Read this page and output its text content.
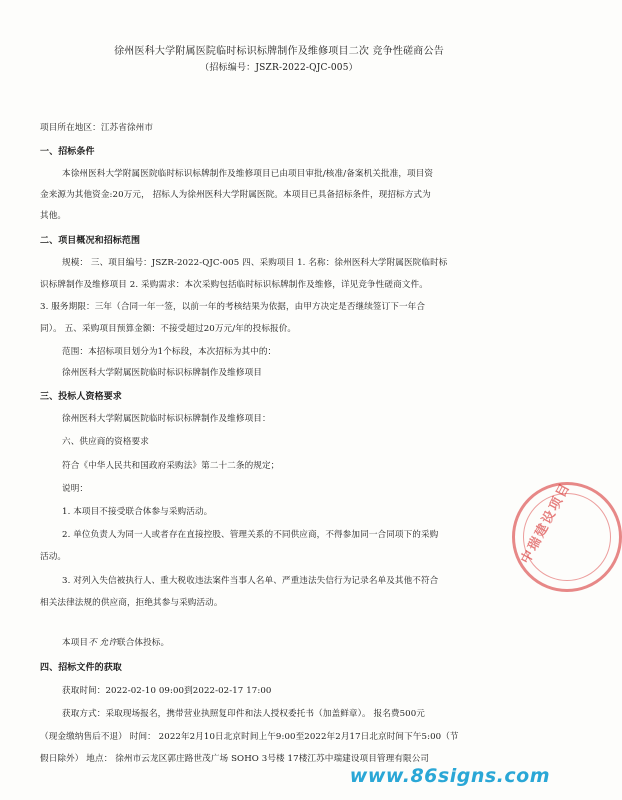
徐州医科大学附属医院临时标识标牌制作及维修项目二次 竞争性磋商公告
（招标编号：JSZR-2022-QJC-005）
项目所在地区：江苏省徐州市
一、招标条件
本徐州医科大学附属医院临时标识标牌制作及维修项目已由项目审批/核准/备案机关批准，项目资
金来源为其他资金:20万元， 招标人为徐州医科大学附属医院。本项目已具备招标条件，现招标方式为
其他。
二、项目概况和招标范围
规模： 三、项目编号：JSZR-2022-QJC-005 四、采购项目 1. 名称：徐州医科大学附属医院临时标
识标牌制作及维修项目 2. 采购需求：本次采购包括临时标识标牌制作及维修，详见竞争性磋商文件。
3. 服务期限：三年（合同一年一签，以前一年的考核结果为依据，由甲方决定是否继续签订下一年合
同）。 五、采购项目预算金额：不接受超过20万元/年的投标报价。
范围：本招标项目划分为1个标段，本次招标为其中的：
徐州医科大学附属医院临时标识标牌制作及维修项目
三、投标人资格要求
徐州医科大学附属医院临时标识标牌制作及维修项目：
六、供应商的资格要求
符合《中华人民共和国政府采购法》第二十二条的规定；
说明：
1. 本项目不接受联合体参与采购活动。
2. 单位负责人为同一人或者存在直接控股、管理关系的不同供应商，不得参加同一合同项下的采购
活动。
3. 对列入失信被执行人、重大税收违法案件当事人名单、严重违法失信行为记录名单及其他不符合
相关法律法规的供应商，拒绝其参与采购活动。
本项目不 允许联合体投标。
四、招标文件的获取
获取时间：2022-02-10 09:00到2022-02-17 17:00
获取方式：采取现场报名，携带营业执照复印件和法人授权委托书（加盖鲜章）。 报名费500元
（现金缴纳售后不退） 时间： 2022年2月10日北京时间上午9:00至2022年2月17日北京时间下午5:00（节
假日除外） 地点： 徐州市云龙区郭庄路世茂广场 SOHO 3号楼 17楼江苏中瑞建设项目管理有限公司
中瑞建设项目
www.86signs.com
